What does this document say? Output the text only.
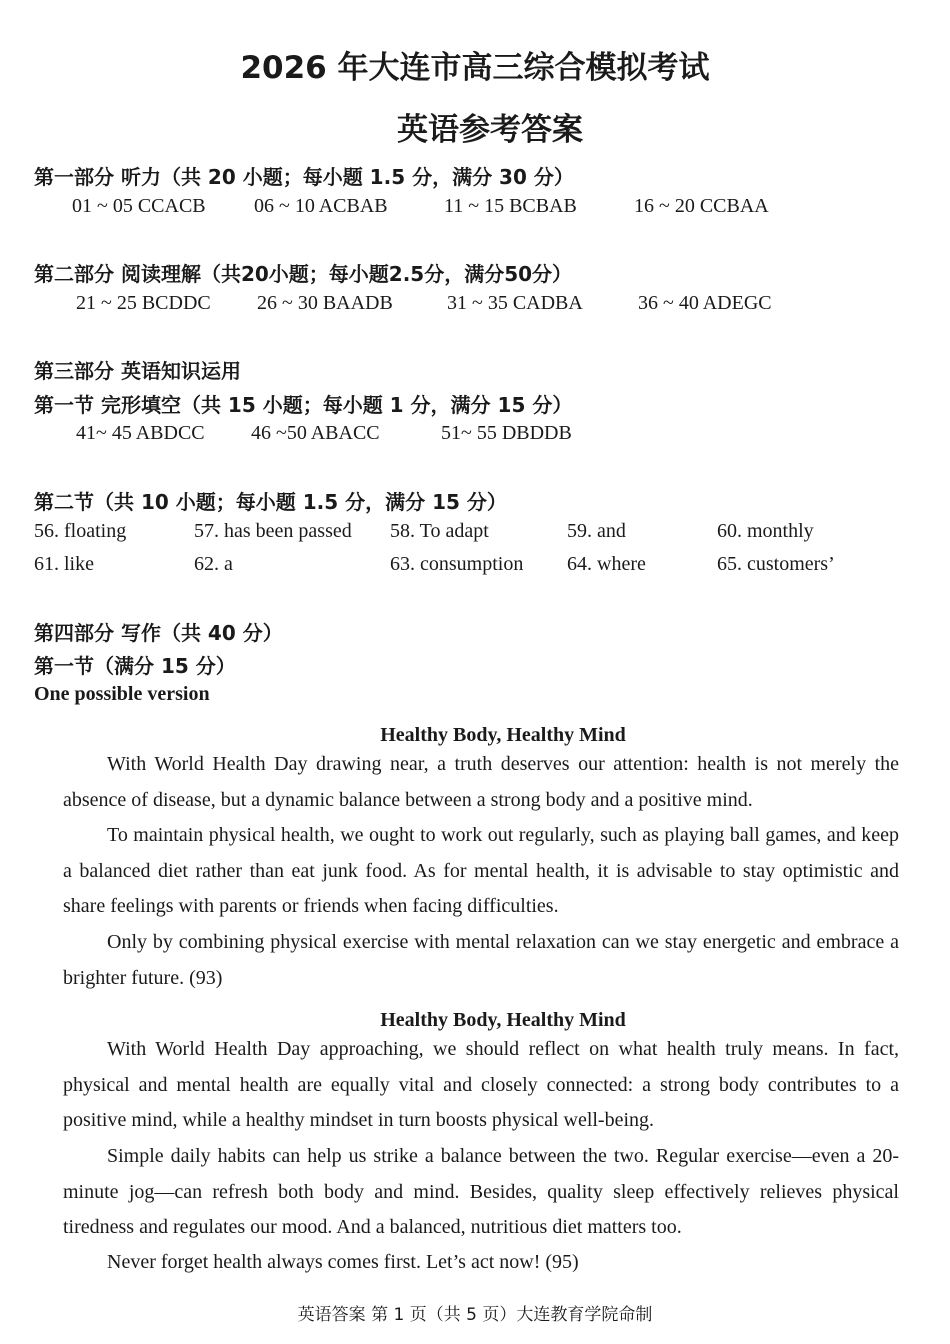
2026 年大连市高三综合模拟考试
英语参考答案
第一部分 听力（共 20 小题；每小题 1.5 分，满分 30 分）
01 ~ 05 CCACB 06 ~ 10 ACBAB	11 ~ 15 BCBAB	16 ~ 20 CCBAA
第二部分 阅读理解（共20小题；每小题2.5分，满分50分）
21 ~ 25 BCDDC 26 ~ 30 BAADB	31 ~ 35 CADBA	36 ~ 40 ADEGC
第三部分 英语知识运用
第一节 完形填空（共 15 小题；每小题 1 分，满分 15 分）
41~ 45 ABDCC 46 ~50 ABACC	51~ 55 DBDDB
第二节（共 10 小题；每小题 1.5 分，满分 15 分）
56. floating	57. has been passed 58. To adapt	59. and	60. monthly
61. like	62. a	63. consumption 64. where	65. customers’
第四部分 写作（共 40 分）
第一节（满分 15 分）
One possible version
Healthy Body, Healthy Mind
With World Health Day drawing near, a truth deserves our attention: health is not merely the absence of disease, but a dynamic balance between a strong body and a positive mind.
To maintain physical health, we ought to work out regularly, such as playing ball games, and keep a balanced diet rather than eat junk food. As for mental health, it is advisable to stay optimistic and share feelings with parents or friends when facing difficulties.
Only by combining physical exercise with mental relaxation can we stay energetic and embrace a brighter future. (93)
Healthy Body, Healthy Mind
With World Health Day approaching, we should reflect on what health truly means. In fact, physical and mental health are equally vital and closely connected: a strong body contributes to a positive mind, while a healthy mindset in turn boosts physical well-being.
Simple daily habits can help us strike a balance between the two. Regular exercise—even a 20-minute jog—can refresh both body and mind. Besides, quality sleep effectively relieves physical tiredness and regulates our mood. And a balanced, nutritious diet matters too.
Never forget health always comes first. Let’s act now! (95)
英语答案 第 1 页（共 5 页）大连教育学院命制
